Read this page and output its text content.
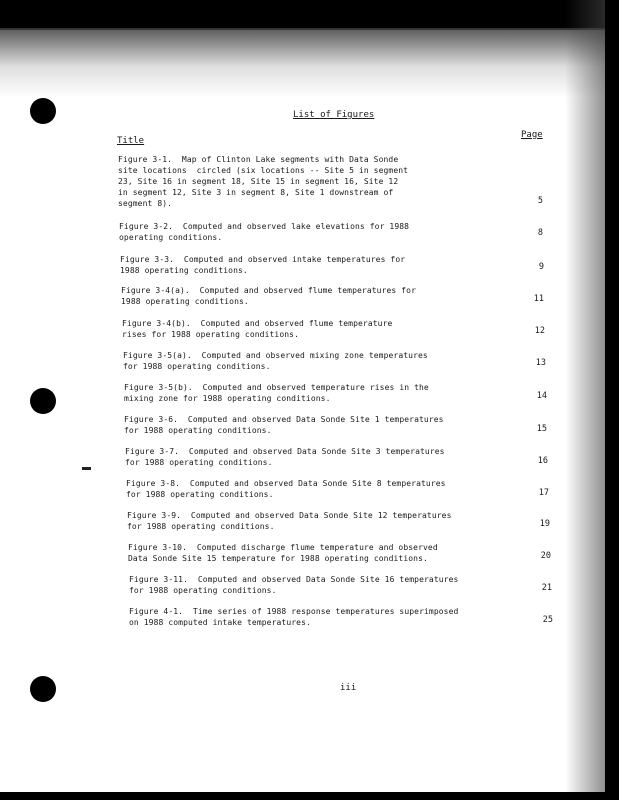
List of Figures
Title
Page
Figure 3-1.  Map of Clinton Lake segments with Data Sonde
site locations  circled (six locations -- Site 5 in segment
23, Site 16 in segment 18, Site 15 in segment 16, Site 12
in segment 12, Site 3 in segment 8, Site 1 downstream of
segment 8).	5
Figure 3-2.  Computed and observed lake elevations for 1988
operating conditions.	8
Figure 3-3.  Computed and observed intake temperatures for
1988 operating conditions.	9
Figure 3-4(a).  Computed and observed flume temperatures for
1988 operating conditions.	11
Figure 3-4(b).  Computed and observed flume temperature
rises for 1988 operating conditions.	12
Figure 3-5(a).  Computed and observed mixing zone temperatures
for 1988 operating conditions.	13
Figure 3-5(b).  Computed and observed temperature rises in the
mixing zone for 1988 operating conditions.	14
Figure 3-6.  Computed and observed Data Sonde Site 1 temperatures
for 1988 operating conditions.	15
Figure 3-7.  Computed and observed Data Sonde Site 3 temperatures
for 1988 operating conditions.	16
Figure 3-8.  Computed and observed Data Sonde Site 8 temperatures
for 1988 operating conditions.	17
Figure 3-9.  Computed and observed Data Sonde Site 12 temperatures
for 1988 operating conditions.	19
Figure 3-10.  Computed discharge flume temperature and observed
Data Sonde Site 15 temperature for 1988 operating conditions.	20
Figure 3-11.  Computed and observed Data Sonde Site 16 temperatures
for 1988 operating conditions.	21
Figure 4-1.  Time series of 1988 response temperatures superimposed
on 1988 computed intake temperatures.	25
iii
